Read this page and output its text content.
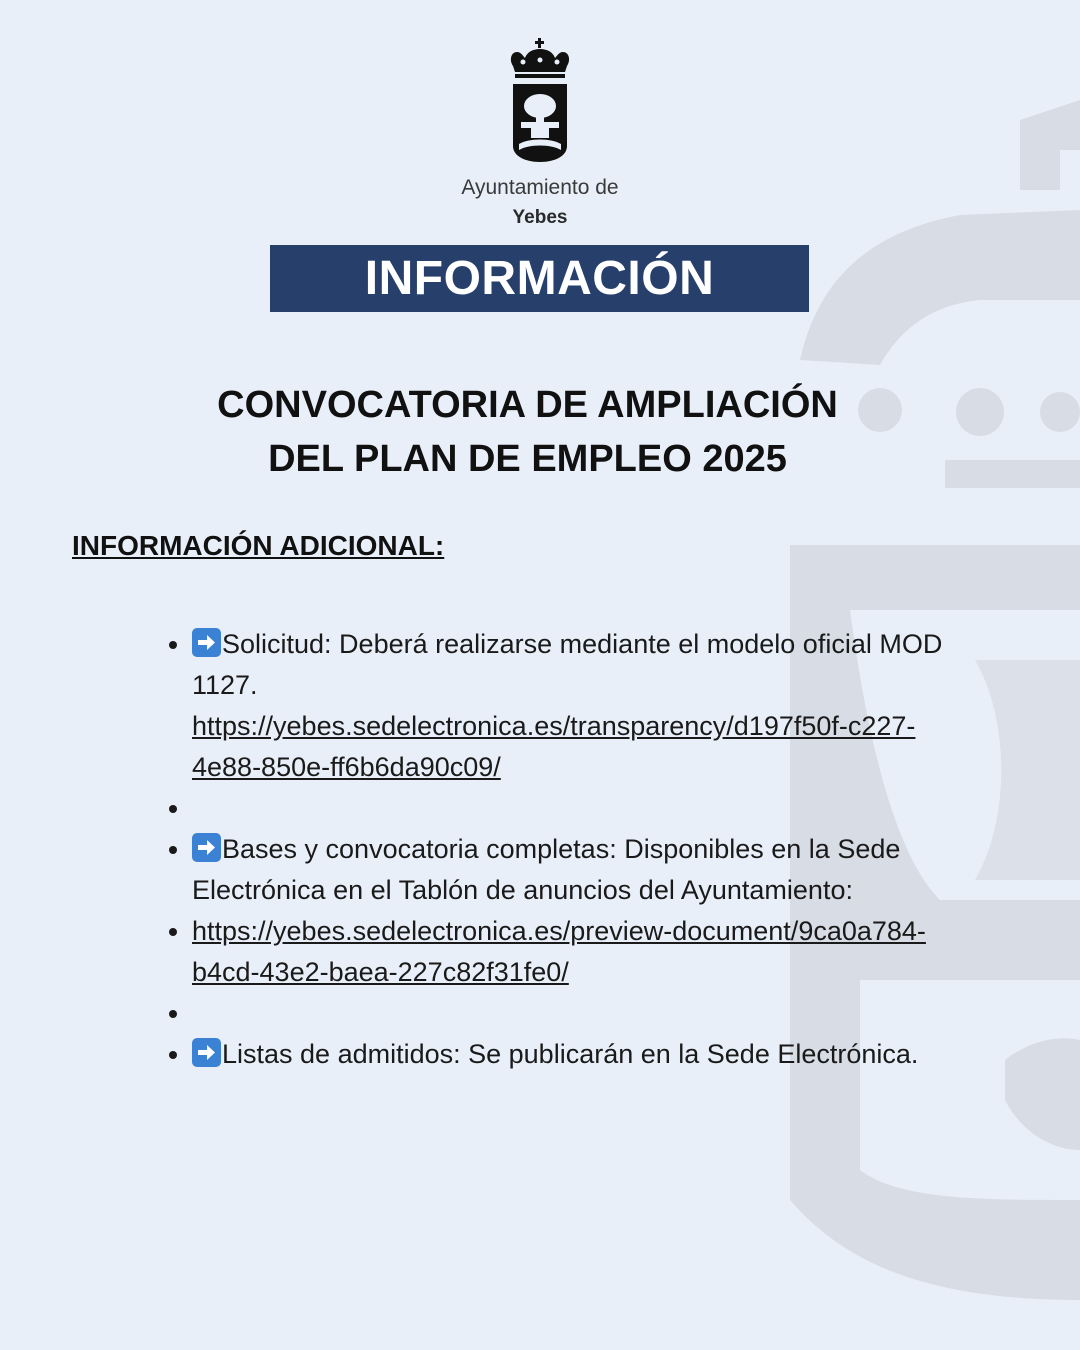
Ayuntamiento de
Yebes
INFORMACIÓN
CONVOCATORIA DE AMPLIACIÓN
DEL PLAN DE EMPLEO 2025
INFORMACIÓN ADICIONAL:
• Solicitud: Deberá realizarse mediante el modelo oficial MOD 1127.
https://yebes.sedelectronica.es/transparency/d197f50f-c227-4e88-850e-ff6b6da90c09/
•
• Bases y convocatoria completas: Disponibles en la Sede Electrónica en el Tablón de anuncios del Ayuntamiento:
• https://yebes.sedelectronica.es/preview-document/9ca0a784-b4cd-43e2-baea-227c82f31fe0/
•
• Listas de admitidos: Se publicarán en la Sede Electrónica.
